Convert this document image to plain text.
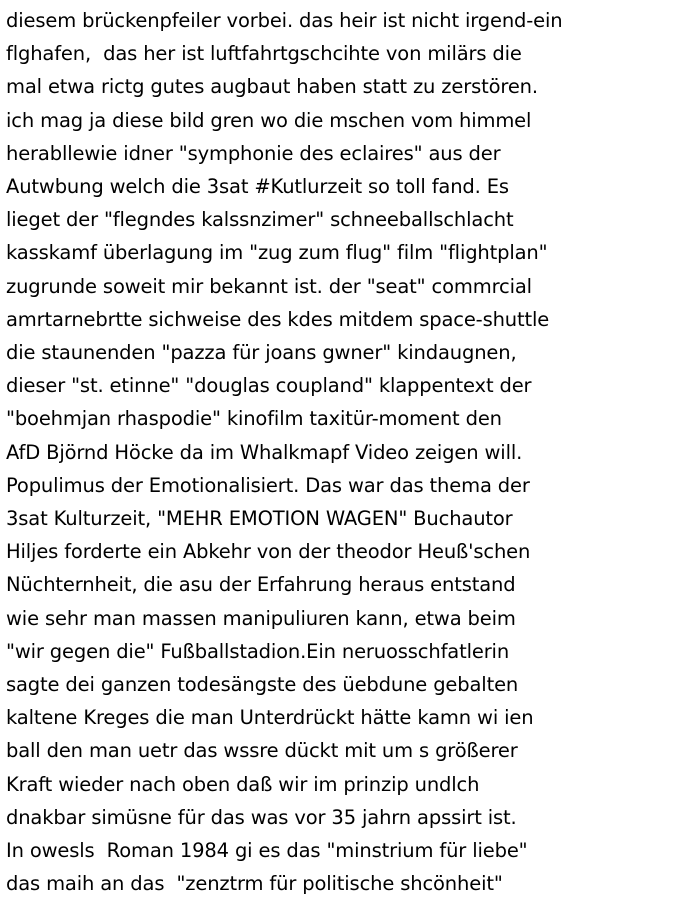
diesem brückenpfeiler vorbei. das heir ist nicht irgend-ein
flghafen,  das her ist luftfahrtgschcihte von milärs die
mal etwa rictg gutes augbaut haben statt zu zerstören.
ich mag ja diese bild gren wo die mschen vom himmel
herabllewie idner "symphonie des eclaires" aus der
Autwbung welch die 3sat #Kutlurzeit so toll fand. Es
lieget der "flegndes kalssnzimer" schneeballschlacht
kasskamf überlagung im "zug zum flug" film "flightplan"
zugrunde soweit mir bekannt ist. der "seat" commrcial
amrtarnebrtte sichweise des kdes mitdem space-shuttle
die staunenden "pazza für joans gwner" kindaugnen,
dieser "st. etinne" "douglas coupland" klappentext der
"boehmjan rhaspodie" kinofilm taxitür-moment den
AfD Björnd Höcke da im Whalkmapf Video zeigen will.
Populimus der Emotionalisiert. Das war das thema der
3sat Kulturzeit, "MEHR EMOTION WAGEN" Buchautor
Hiljes forderte ein Abkehr von der theodor Heuß'schen
Nüchternheit, die asu der Erfahrung heraus entstand
wie sehr man massen manipuliuren kann, etwa beim
"wir gegen die" Fußballstadion.Ein neruosschfatlerin
sagte dei ganzen todesängste des üebdune gebalten
kaltene Kreges die man Unterdrückt hätte kamn wi ien
ball den man uetr das wssre dückt mit um s größerer
Kraft wieder nach oben daß wir im prinzip undlch
dnakbar simüsne für das was vor 35 jahrn apssirt ist.
In owesls  Roman 1984 gi es das "minstrium für liebe"
das maih an das  "zenztrm für politische shcönheit"
